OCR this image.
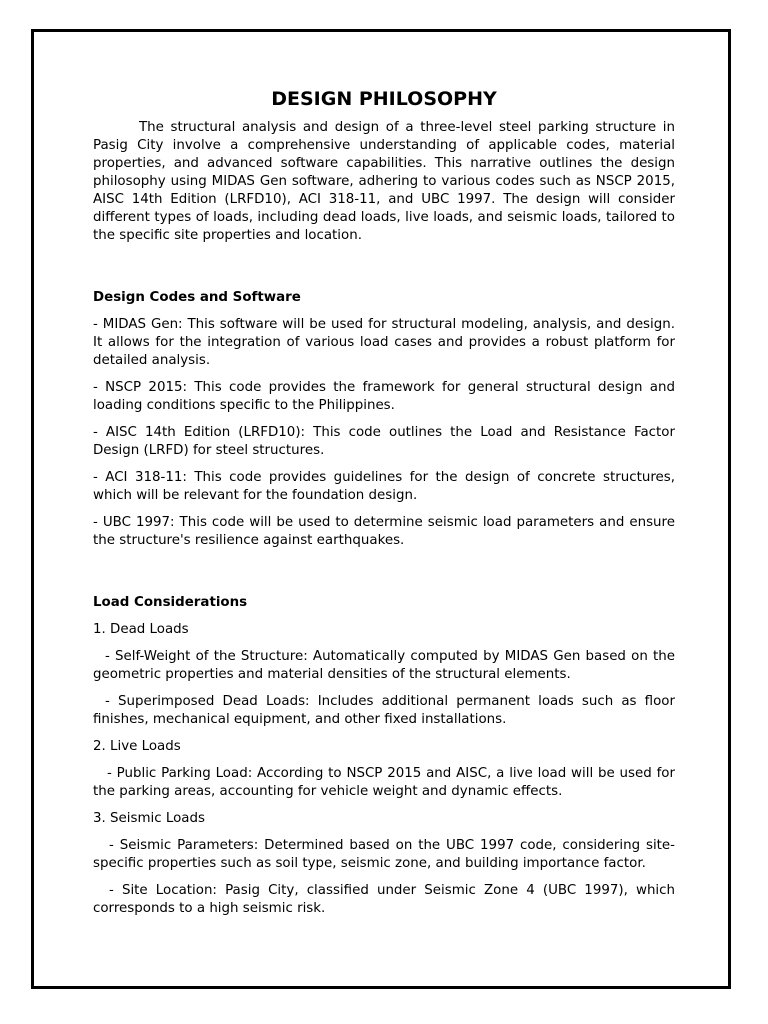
DESIGN PHILOSOPHY

The structural analysis and design of a three-level steel parking structure in Pasig City involve a comprehensive understanding of applicable codes, material properties, and advanced software capabilities. This narrative outlines the design philosophy using MIDAS Gen software, adhering to various codes such as NSCP 2015, AISC 14th Edition (LRFD10), ACI 318-11, and UBC 1997. The design will consider different types of loads, including dead loads, live loads, and seismic loads, tailored to the specific site properties and location.

Design Codes and Software

- MIDAS Gen: This software will be used for structural modeling, analysis, and design. It allows for the integration of various load cases and provides a robust platform for detailed analysis.

- NSCP 2015: This code provides the framework for general structural design and loading conditions specific to the Philippines.

- AISC 14th Edition (LRFD10): This code outlines the Load and Resistance Factor Design (LRFD) for steel structures.

- ACI 318-11: This code provides guidelines for the design of concrete structures, which will be relevant for the foundation design.

- UBC 1997: This code will be used to determine seismic load parameters and ensure the structure's resilience against earthquakes.

Load Considerations

1. Dead Loads

- Self-Weight of the Structure: Automatically computed by MIDAS Gen based on the geometric properties and material densities of the structural elements.

- Superimposed Dead Loads: Includes additional permanent loads such as floor finishes, mechanical equipment, and other fixed installations.

2. Live Loads

- Public Parking Load: According to NSCP 2015 and AISC, a live load will be used for the parking areas, accounting for vehicle weight and dynamic effects.

3. Seismic Loads

- Seismic Parameters: Determined based on the UBC 1997 code, considering site-specific properties such as soil type, seismic zone, and building importance factor.

- Site Location: Pasig City, classified under Seismic Zone 4 (UBC 1997), which corresponds to a high seismic risk.
